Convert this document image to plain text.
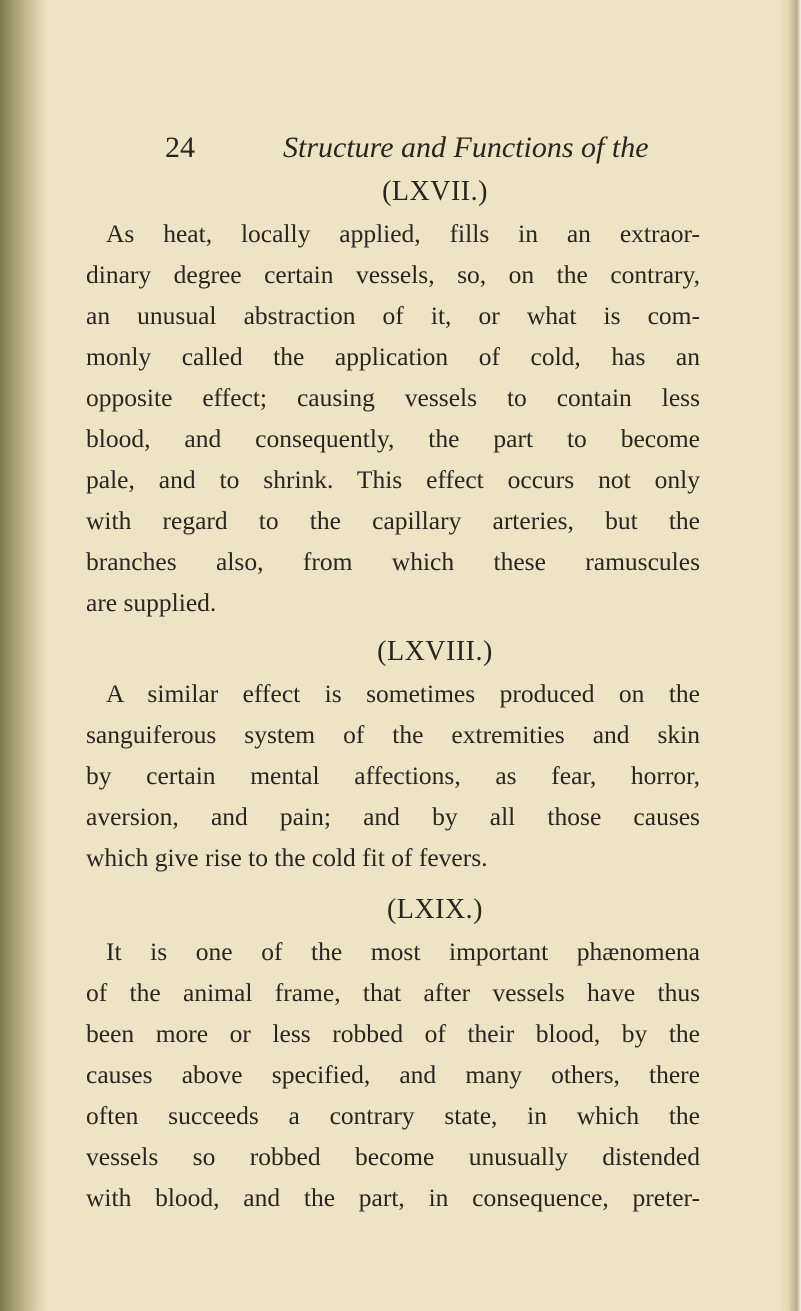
24	Structure and Functions of the
(LXVII.)
As heat, locally applied, fills in an extraor-
dinary degree certain vessels, so, on the contrary,
an unusual abstraction of it, or what is com-
monly called the application of cold, has an
opposite effect; causing vessels to contain less
blood, and consequently, the part to become
pale, and to shrink. This effect occurs not only
with regard to the capillary arteries, but the
branches also, from which these ramuscules
are supplied.
(LXVIII.)
A similar effect is sometimes produced on the
sanguiferous system of the extremities and skin
by certain mental affections, as fear, horror,
aversion, and pain; and by all those causes
which give rise to the cold fit of fevers.
(LXIX.)
It is one of the most important phænomena
of the animal frame, that after vessels have thus
been more or less robbed of their blood, by the
causes above specified, and many others, there
often succeeds a contrary state, in which the
vessels so robbed become unusually distended
with blood, and the part, in consequence, preter-
